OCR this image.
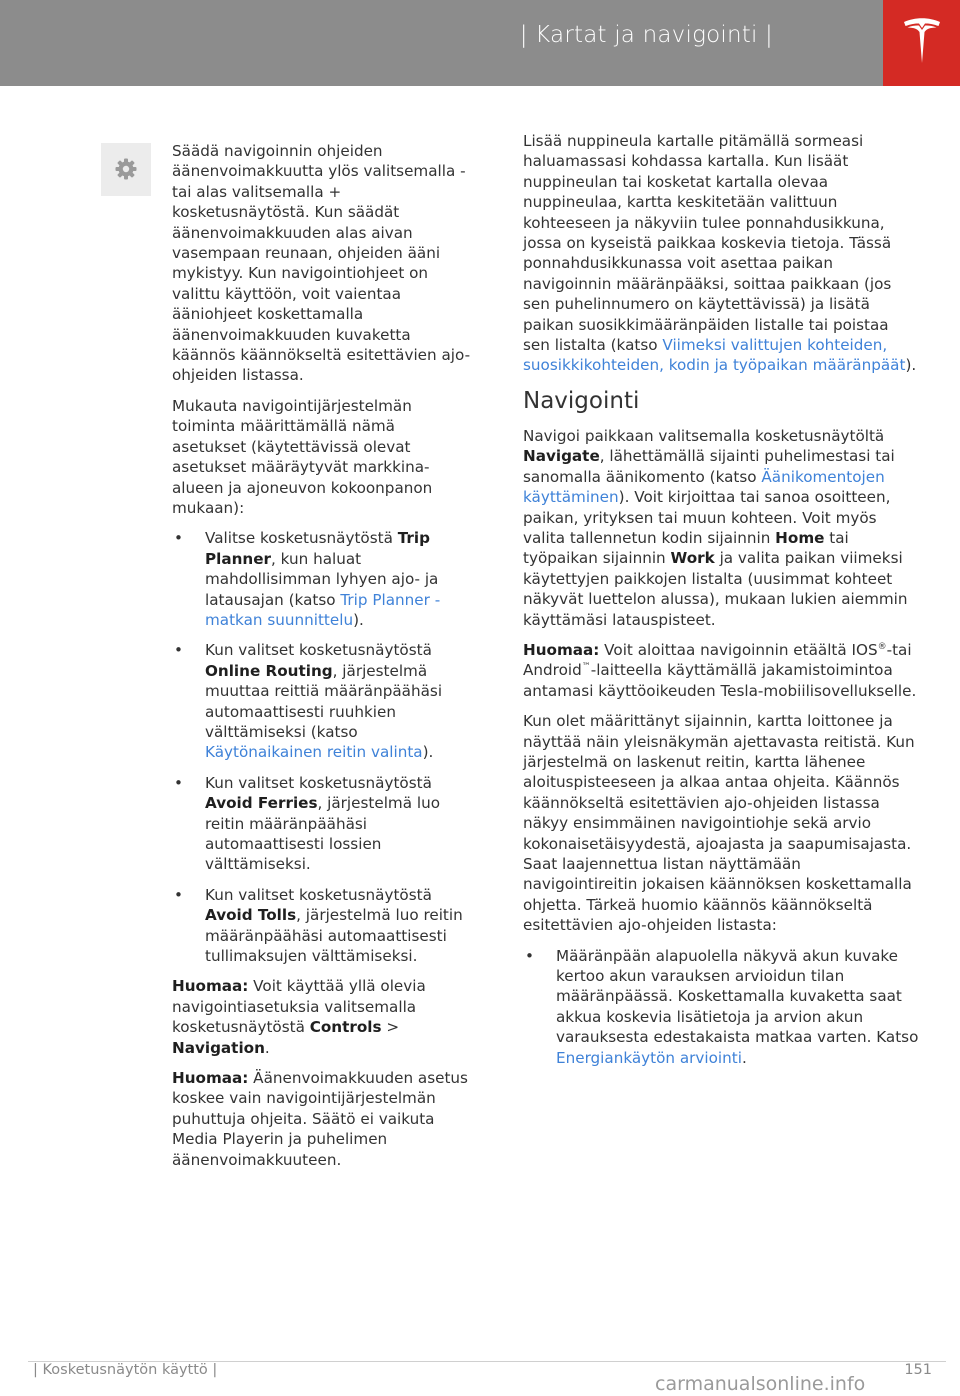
| Kartat ja navigointi |

Säädä navigoinnin ohjeiden äänenvoimakkuutta ylös valitsemalla - tai alas valitsemalla + kosketusnäytöstä. Kun säädät äänenvoimakkuuden alas aivan vasempaan reunaan, ohjeiden ääni mykistyy. Kun navigointiohjeet on valittu käyttöön, voit vaientaa ääniohjeet koskettamalla äänenvoimakkuuden kuvaketta käännös käännökseltä esitettävien ajo-ohjeiden listassa.

Mukauta navigointijärjestelmän toiminta määrittämällä nämä asetukset (käytettävissä olevat asetukset määräytyvät markkina-alueen ja ajoneuvon kokoonpanon mukaan):

• Valitse kosketusnäytöstä Trip Planner, kun haluat mahdollisimman lyhyen ajo- ja latausajan (katso Trip Planner - matkan suunnittelu).
• Kun valitset kosketusnäytöstä Online Routing, järjestelmä muuttaa reittiä määränpäähäsi automaattisesti ruuhkien välttämiseksi (katso Käytönaikainen reitin valinta).
• Kun valitset kosketusnäytöstä Avoid Ferries, järjestelmä luo reitin määränpäähäsi automaattisesti lossien välttämiseksi.
• Kun valitset kosketusnäytöstä Avoid Tolls, järjestelmä luo reitin määränpäähäsi automaattisesti tullimaksujen välttämiseksi.

Huomaa: Voit käyttää yllä olevia navigointiasetuksia valitsemalla kosketusnäytöstä Controls > Navigation.

Huomaa: Äänenvoimakkuuden asetus koskee vain navigointijärjestelmän puhuttuja ohjeita. Säätö ei vaikuta Media Playerin ja puhelimen äänenvoimakkuuteen.

Lisää nuppineula kartalle pitämällä sormeasi haluamassasi kohdassa kartalla. Kun lisäät nuppineulan tai kosketat kartalla olevaa nuppineulaa, kartta keskitetään valittuun kohteeseen ja näkyviin tulee ponnahdusikkuna, jossa on kyseistä paikkaa koskevia tietoja. Tässä ponnahdusikkunassa voit asettaa paikan navigoinnin määränpääksi, soittaa paikkaan (jos sen puhelinnumero on käytettävissä) ja lisätä paikan suosikkimääränpäiden listalle tai poistaa sen listalta (katso Viimeksi valittujen kohteiden, suosikkikohteiden, kodin ja työpaikan määränpäät).

Navigointi

Navigoi paikkaan valitsemalla kosketusnäytöltä Navigate, lähettämällä sijainti puhelimestasi tai sanomalla äänikomento (katso Äänikomentojen käyttäminen). Voit kirjoittaa tai sanoa osoitteen, paikan, yrityksen tai muun kohteen. Voit myös valita tallennetun kodin sijainnin Home tai työpaikan sijainnin Work ja valita paikan viimeksi käytettyjen paikkojen listalta (uusimmat kohteet näkyvät luettelon alussa), mukaan lukien aiemmin käyttämäsi latauspisteet.

Huomaa: Voit aloittaa navigoinnin etäältä IOS®-tai Android™-laitteella käyttämällä jakamistoimintoa antamasi käyttöoikeuden Tesla-mobiilisovellukselle.

Kun olet määrittänyt sijainnin, kartta loittonee ja näyttää näin yleisnäkymän ajettavasta reitistä. Kun järjestelmä on laskenut reitin, kartta lähenee aloituspisteeseen ja alkaa antaa ohjeita. Käännös käännökseltä esitettävien ajo-ohjeiden listassa näkyy ensimmäinen navigointiohje sekä arvio kokonaisetäisyydestä, ajoajasta ja saapumisajasta. Saat laajennettua listan näyttämään navigointireitin jokaisen käännöksen koskettamalla ohjetta. Tärkeä huomio käännös käännökseltä esitettävien ajo-ohjeiden listasta:

• Määränpään alapuolella näkyvä akun kuvake kertoo akun varauksen arvioidun tilan määränpäässä. Koskettamalla kuvaketta saat akkua koskevia lisätietoja ja arvion akun varauksesta edestakaista matkaa varten. Katso Energiankäytön arviointi.
| Kosketusnäytön käyttö |	151
carmanualsonline.info
